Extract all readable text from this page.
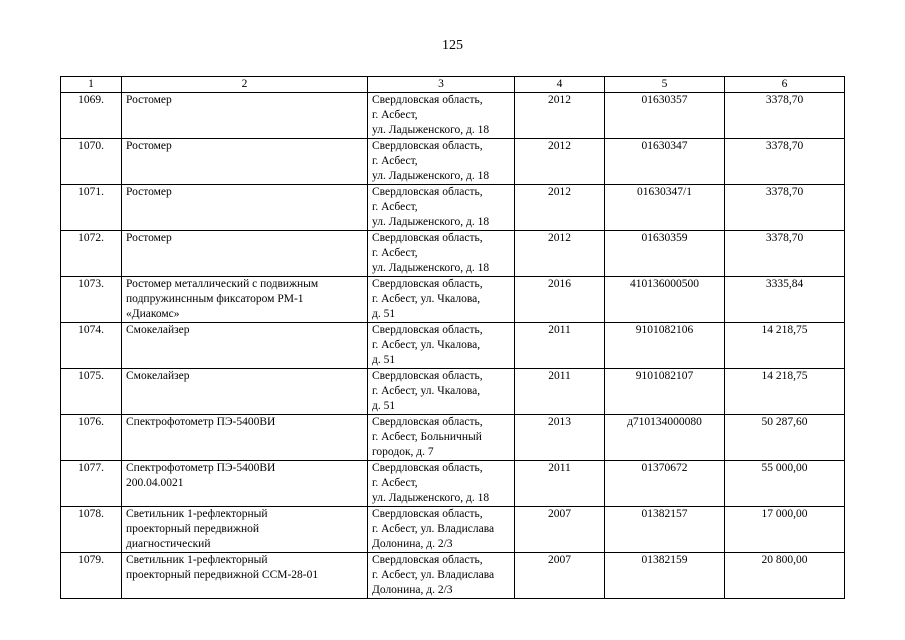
125
1	2	3	4	5	6
1069.	Ростомер	Свердловская область,
г. Асбест,
ул. Ладыженского, д. 18	2012	01630357	3378,70
1070.	Ростомер	Свердловская область,
г. Асбест,
ул. Ладыженского, д. 18	2012	01630347	3378,70
1071.	Ростомер	Свердловская область,
г. Асбест,
ул. Ладыженского, д. 18	2012	01630347/1	3378,70
1072.	Ростомер	Свердловская область,
г. Асбест,
ул. Ладыженского, д. 18	2012	01630359	3378,70
1073.	Ростомер металлический с подвижным
подпружинснным фиксатором РМ-1
«Диакомс»	Свердловская область,
г. Асбест, ул. Чкалова,
д. 51	2016	410136000500	3335,84
1074.	Смокелайзер	Свердловская область,
г. Асбест, ул. Чкалова,
д. 51	2011	9101082106	14 218,75
1075.	Смокелайзер	Свердловская область,
г. Асбест, ул. Чкалова,
д. 51	2011	9101082107	14 218,75
1076.	Спектрофотометр ПЭ-5400ВИ	Свердловская область,
г. Асбест, Больничный
городок, д. 7	2013	д710134000080	50 287,60
1077.	Спектрофотометр ПЭ-5400ВИ
200.04.0021	Свердловская область,
г. Асбест,
ул. Ладыженского, д. 18	2011	01370672	55 000,00
1078.	Светильник 1-рефлекторный
проекторный передвижной
диагностический	Свердловская область,
г. Асбест, ул. Владислава
Долонина, д. 2/3	2007	01382157	17 000,00
1079.	Светильник 1-рефлекторный
проекторный передвижной ССМ-28-01	Свердловская область,
г. Асбест, ул. Владислава
Долонина, д. 2/3	2007	01382159	20 800,00
